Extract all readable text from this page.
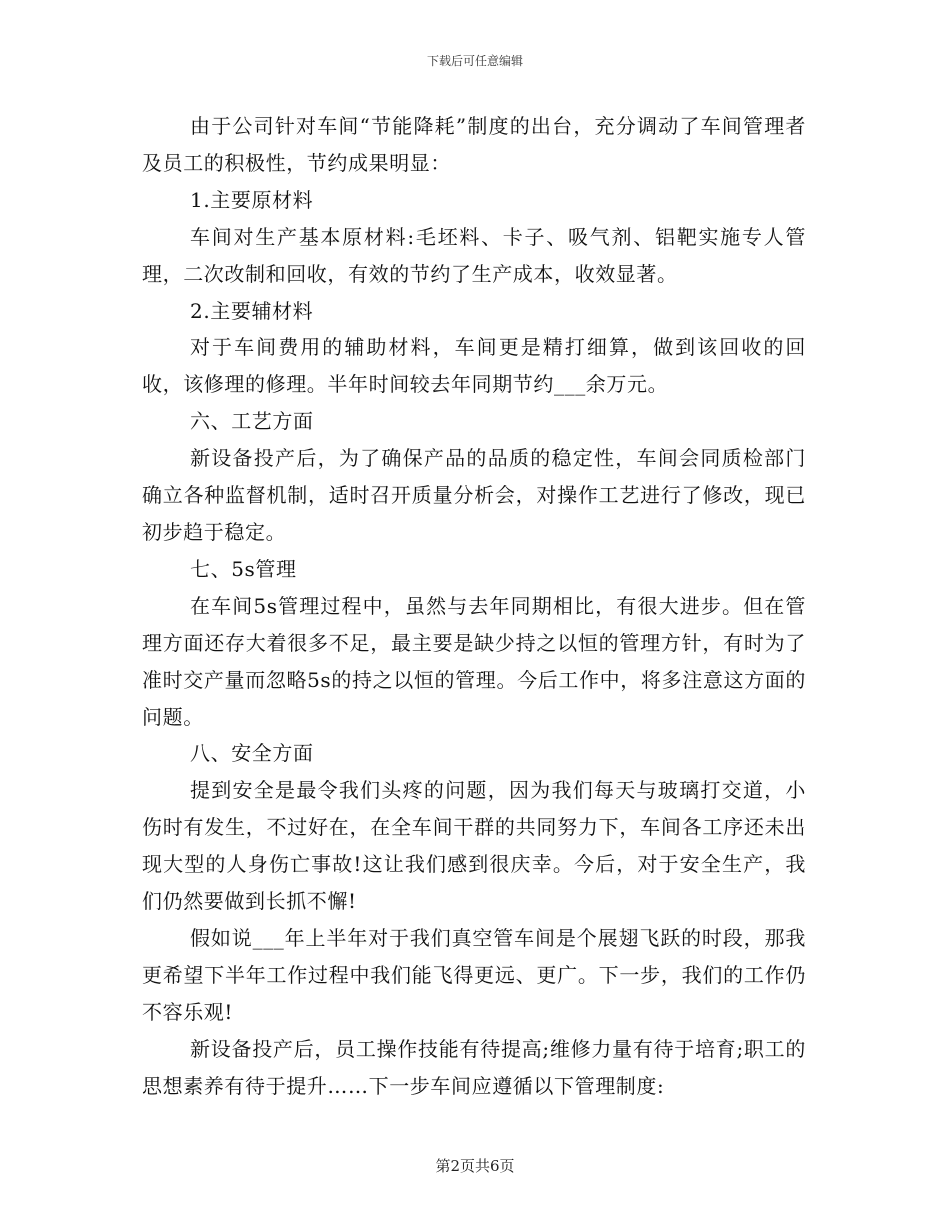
下载后可任意编辑

由于公司针对车间“节能降耗”制度的出台，充分调动了车间管理者及员工的积极性，节约成果明显：

1.主要原材料

车间对生产基本原材料:毛坯料、卡子、吸气剂、铝靶实施专人管理，二次改制和回收，有效的节约了生产成本，收效显著。

2.主要辅材料

对于车间费用的辅助材料，车间更是精打细算，做到该回收的回收，该修理的修理。半年时间较去年同期节约___余万元。

六、工艺方面

新设备投产后，为了确保产品的品质的稳定性，车间会同质检部门确立各种监督机制，适时召开质量分析会，对操作工艺进行了修改，现已初步趋于稳定。

七、5s管理

在车间5s管理过程中，虽然与去年同期相比，有很大进步。但在管理方面还存大着很多不足，最主要是缺少持之以恒的管理方针，有时为了准时交产量而忽略5s的持之以恒的管理。今后工作中，将多注意这方面的问题。

八、安全方面

提到安全是最令我们头疼的问题，因为我们每天与玻璃打交道，小伤时有发生，不过好在，在全车间干群的共同努力下，车间各工序还未出现大型的人身伤亡事故!这让我们感到很庆幸。今后，对于安全生产，我们仍然要做到长抓不懈!

假如说___年上半年对于我们真空管车间是个展翅飞跃的时段，那我更希望下半年工作过程中我们能飞得更远、更广。下一步，我们的工作仍不容乐观!

新设备投产后，员工操作技能有待提高;维修力量有待于培育;职工的思想素养有待于提升……下一步车间应遵循以下管理制度:

第2页共6页
